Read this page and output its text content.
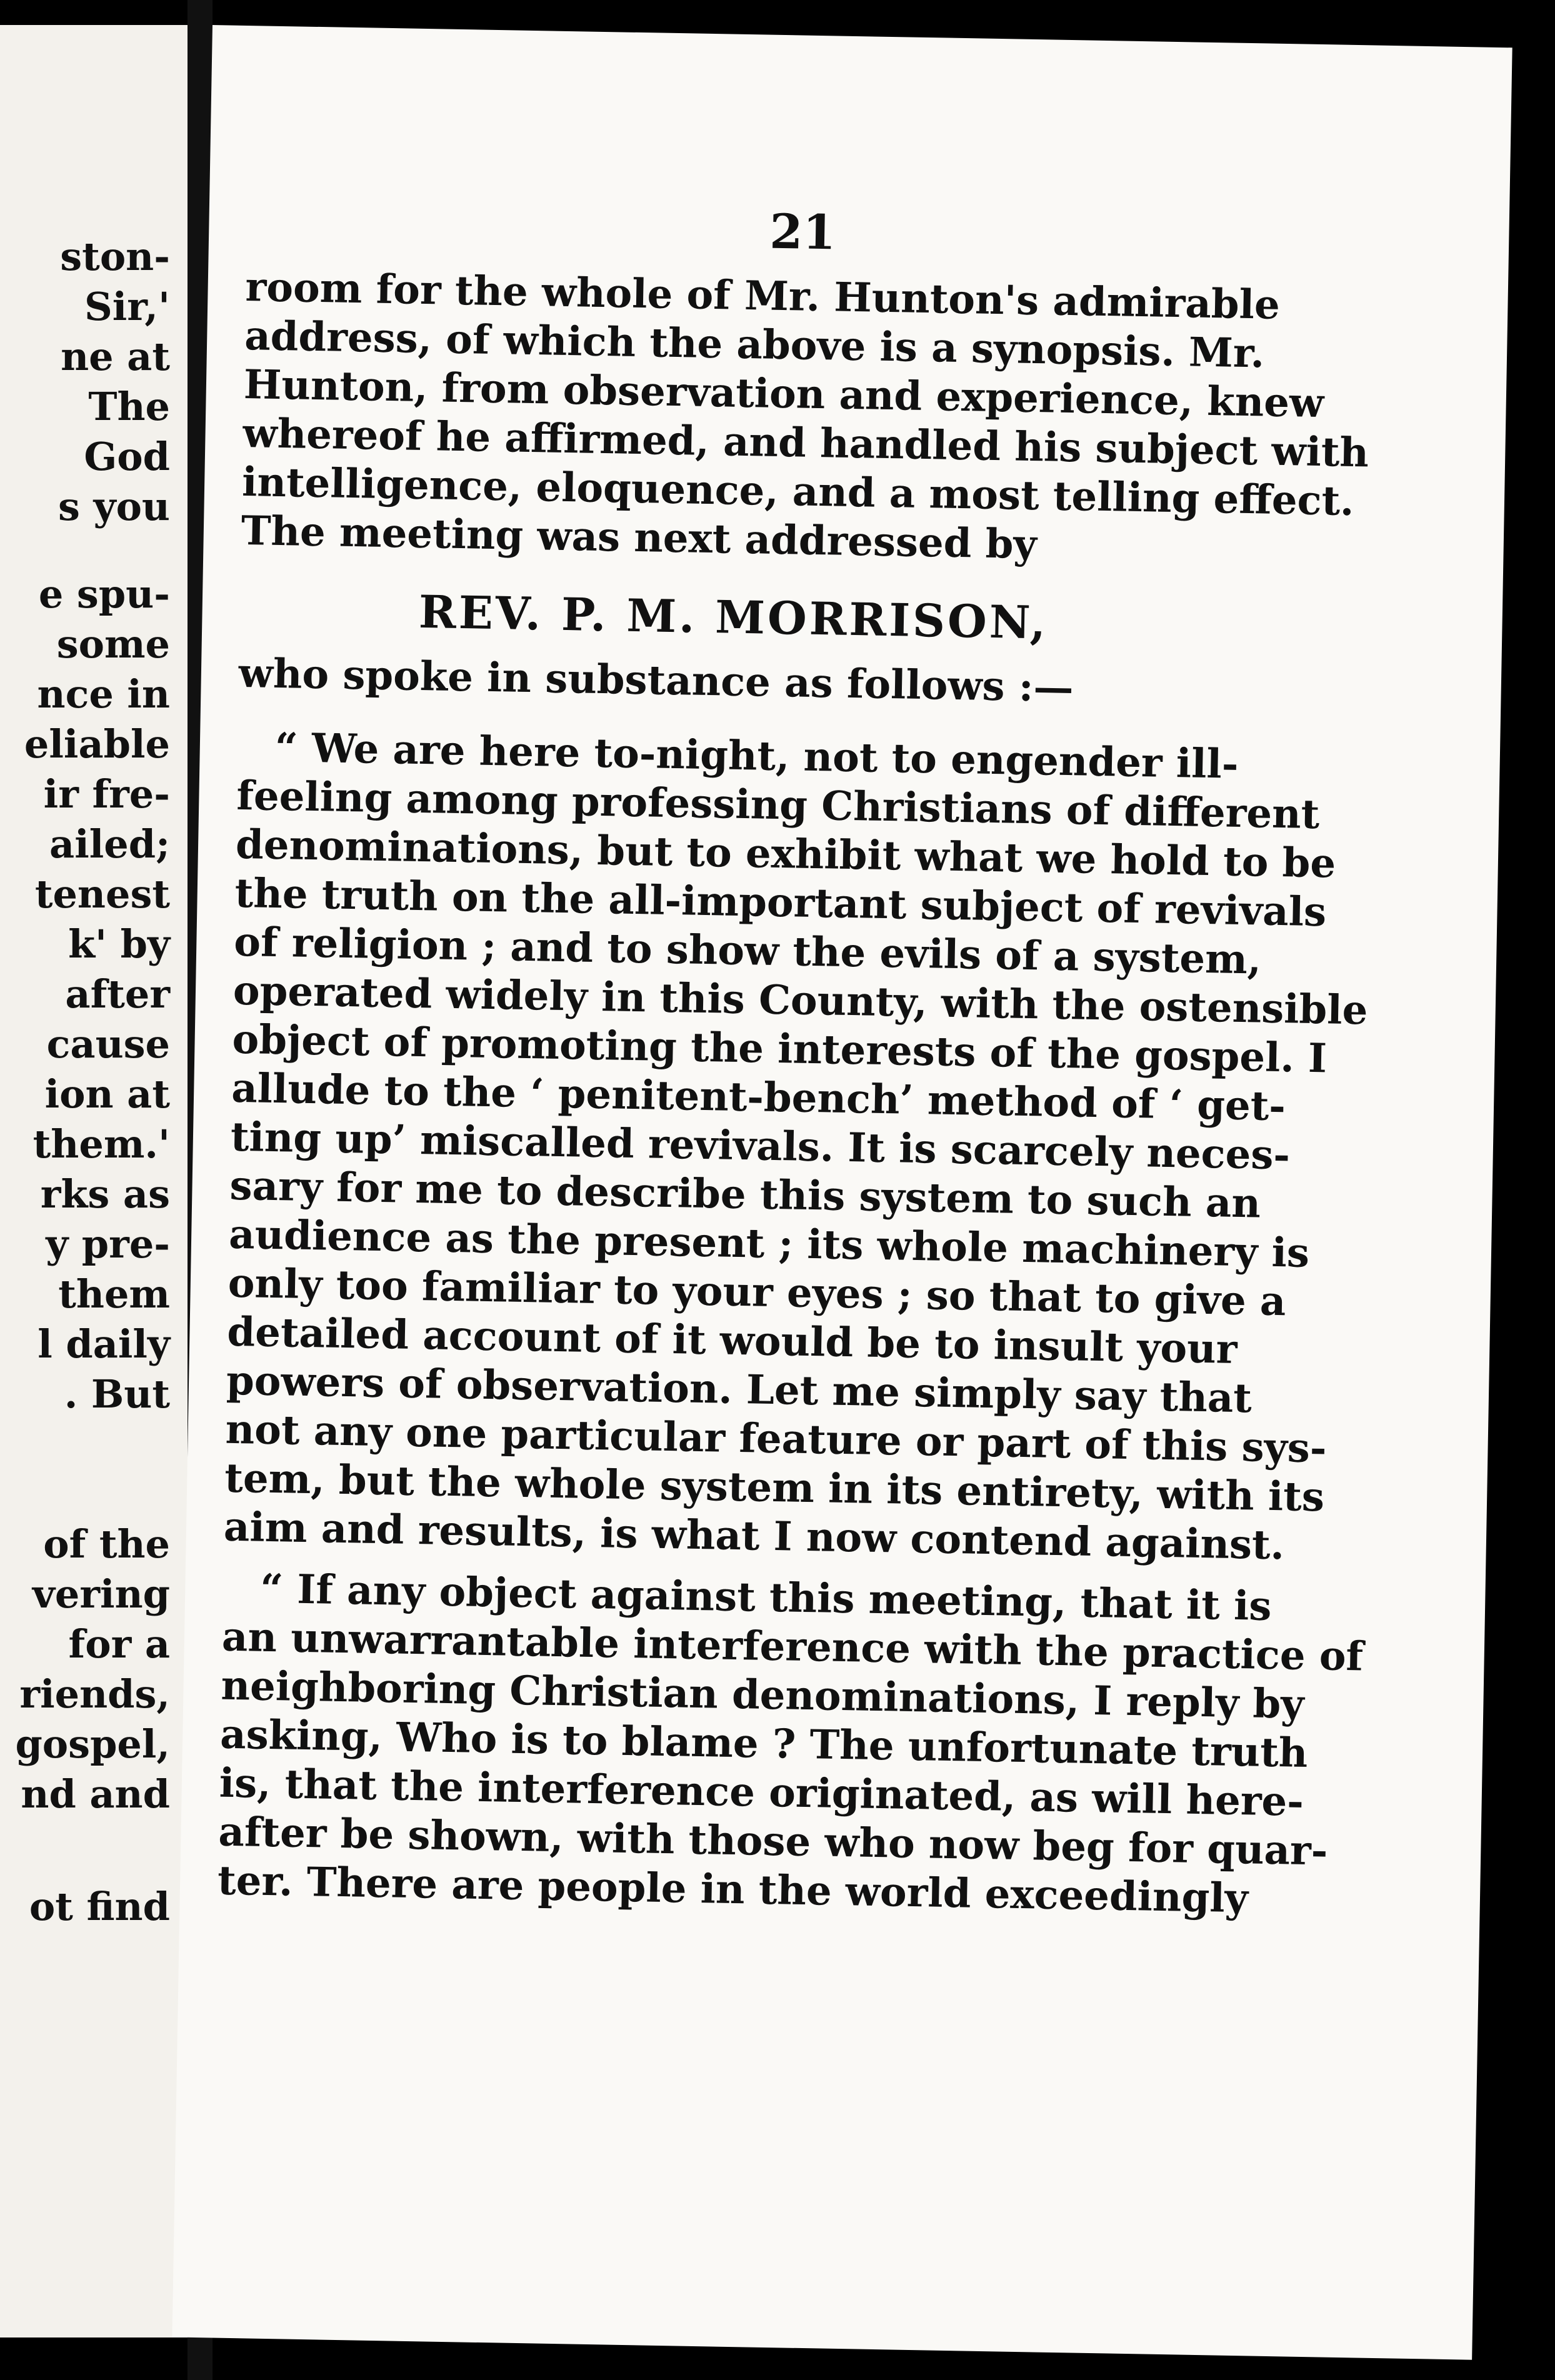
ston-
Sir,'
ne at
The
God
s you
e spu-
some
nce in
eliable
ir fre-
ailed;
tenest
k' by
after
cause
ion at
them.'
rks as
y pre-
them
l daily
. But
of the
vering
for a
riends,
gospel,
nd and
ot find
21
room for the whole of Mr. Hunton's admirable
address, of which the above is a synopsis. Mr.
Hunton, from observation and experience, knew
whereof he affirmed, and handled his subject with
intelligence, eloquence, and a most telling effect.
The meeting was next addressed by
REV. P. M. MORRISON,
who spoke in substance as follows :—
“ We are here to-night, not to engender ill-
feeling among professing Christians of different
denominations, but to exhibit what we hold to be
the truth on the all-important subject of revivals
of religion ; and to show the evils of a system,
operated widely in this County, with the ostensible
object of promoting the interests of the gospel. I
allude to the ‘ penitent-bench’ method of ‘ get-
ting up’ miscalled revivals. It is scarcely neces-
sary for me to describe this system to such an
audience as the present ; its whole machinery is
only too familiar to your eyes ; so that to give a
detailed account of it would be to insult your
powers of observation. Let me simply say that
not any one particular feature or part of this sys-
tem, but the whole system in its entirety, with its
aim and results, is what I now contend against.
“ If any object against this meeting, that it is
an unwarrantable interference with the practice of
neighboring Christian denominations, I reply by
asking, Who is to blame ? The unfortunate truth
is, that the interference originated, as will here-
after be shown, with those who now beg for quar-
ter. There are people in the world exceedingly
